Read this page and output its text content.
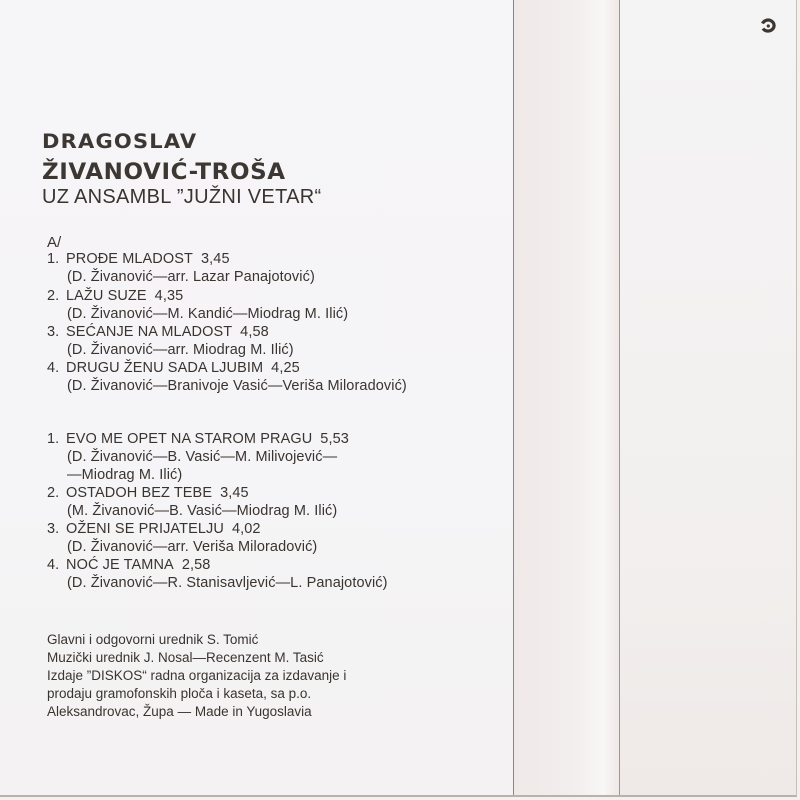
DRAGOSLAV
ŽIVANOVIĆ-TROŠA
UZ ANSAMBL ”JUŽNI VETAR“
A/
1. PROĐE MLADOST 3,45
(D. Živanović—arr. Lazar Panajotović)
2. LAŽU SUZE 4,35
(D. Živanović—M. Kandić—Miodrag M. Ilić)
3. SEĆANJE NA MLADOST 4,58
(D. Živanović—arr. Miodrag M. Ilić)
4. DRUGU ŽENU SADA LJUBIM 4,25
(D. Živanović—Branivoje Vasić—Veriša Miloradović)
1. EVO ME OPET NA STAROM PRAGU 5,53
(D. Živanović—B. Vasić—M. Milivojević—
—Miodrag M. Ilić)
2. OSTADOH BEZ TEBE 3,45
(M. Živanović—B. Vasić—Miodrag M. Ilić)
3. OŽENI SE PRIJATELJU 4,02
(D. Živanović—arr. Veriša Miloradović)
4. NOĆ JE TAMNA 2,58
(D. Živanović—R. Stanisavljević—L. Panajotović)
Glavni i odgovorni urednik S. Tomić
Muzički urednik J. Nosal—Recenzent M. Tasić
Izdaje ”DISKOS“ radna organizacija za izdavanje i
prodaju gramofonskih ploča i kaseta, sa p.o.
Aleksandrovac, Župa — Made in Yugoslavia
